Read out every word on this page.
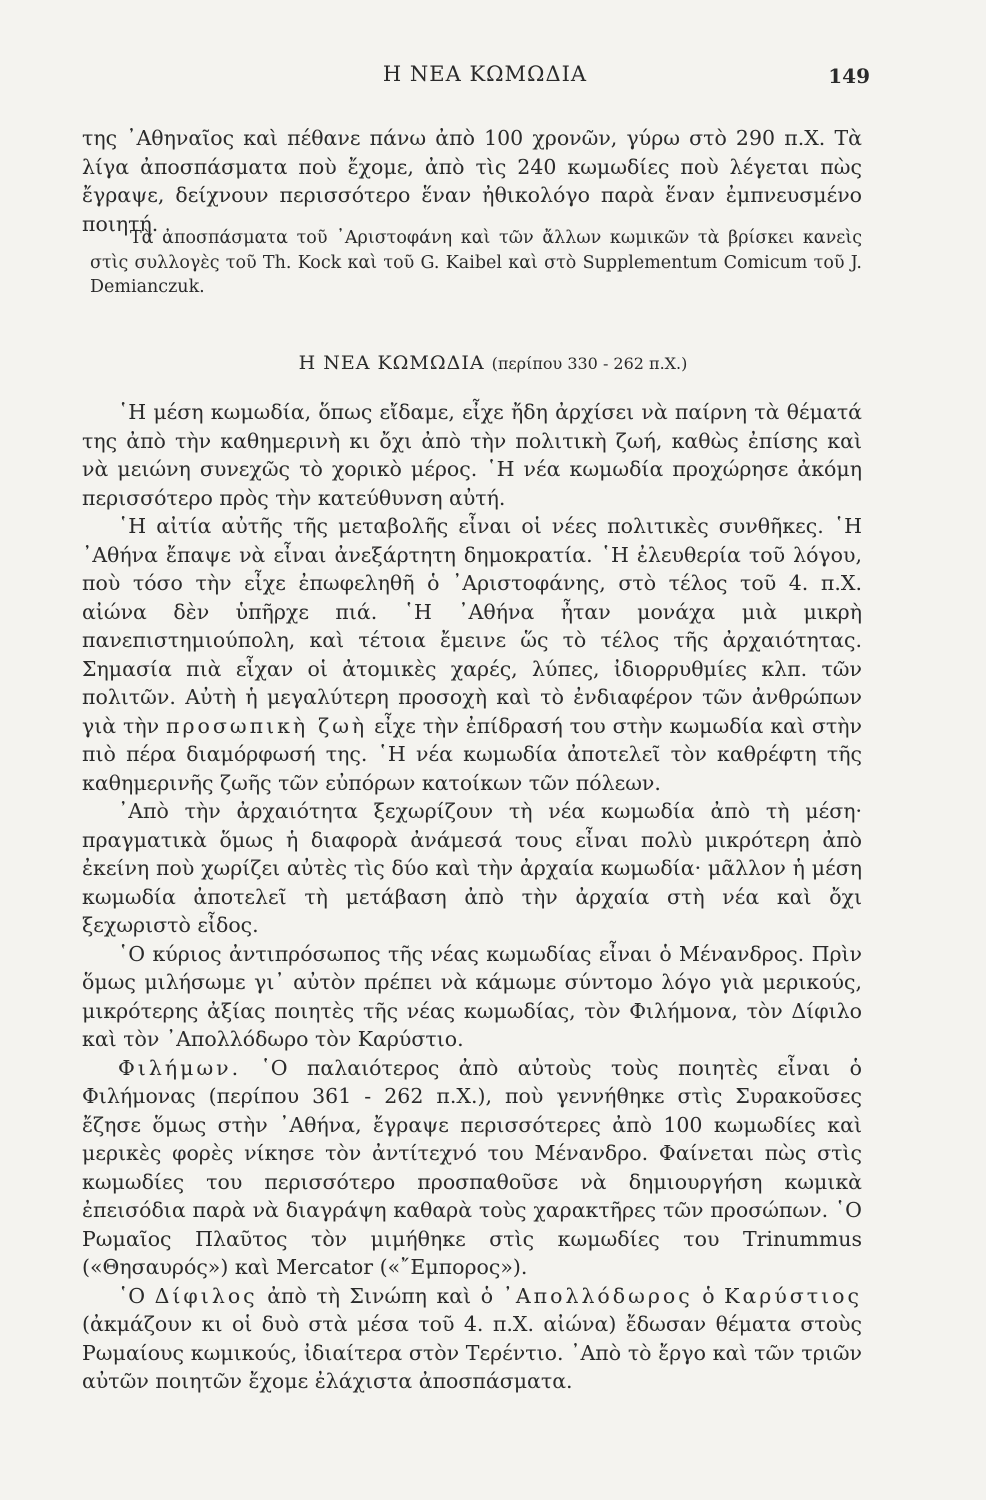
Η ΝΕΑ ΚΩΜΩΔΙΑ	149

της ᾿Αθηναῖος καὶ πέθανε πάνω ἀπὸ 100 χρονῶν, γύρω στὸ 290 π.Χ. Τὰ λίγα ἀποσπάσματα ποὺ ἔχομε, ἀπὸ τὶς 240 κωμωδίες ποὺ λέγεται πὼς ἔγραψε, δείχνουν περισσότερο ἕναν ἠθικολόγο παρὰ ἕναν ἐμπνευσμένο ποιητή.

Τὰ ἀποσπάσματα τοῦ ᾿Αριστοφάνη καὶ τῶν ἄλλων κωμικῶν τὰ βρίσκει κανεὶς στὶς συλλογὲς τοῦ Th. Kock καὶ τοῦ G. Kaibel καὶ στὸ Supplementum Comicum τοῦ J. Demianczuk.

Η ΝΕΑ ΚΩΜΩΔΙΑ (περίπου 330 - 262 π.Χ.)

῾Η μέση κωμωδία, ὅπως εἴδαμε, εἶχε ἤδη ἀρχίσει νὰ παίρνη τὰ θέματά της ἀπὸ τὴν καθημερινὴ κι ὄχι ἀπὸ τὴν πολιτικὴ ζωή, καθὼς ἐπίσης καὶ νὰ μειώνη συνεχῶς τὸ χορικὸ μέρος. ῾Η νέα κωμωδία προχώρησε ἀκόμη περισσότερο πρὸς τὴν κατεύθυνση αὐτή.

῾Η αἰτία αὐτῆς τῆς μεταβολῆς εἶναι οἱ νέες πολιτικὲς συνθῆκες. ῾Η ᾿Αθήνα ἔπαψε νὰ εἶναι ἀνεξάρτητη δημοκρατία. ῾Η ἐλευθερία τοῦ λόγου, ποὺ τόσο τὴν εἶχε ἐπωφεληθῆ ὁ ᾿Αριστοφάνης, στὸ τέλος τοῦ 4. π.Χ. αἰώνα δὲν ὑπῆρχε πιά. ῾Η ᾿Αθήνα ἦταν μονάχα μιὰ μικρὴ πανεπιστημιούπολη, καὶ τέτοια ἔμεινε ὥς τὸ τέλος τῆς ἀρχαιότητας. Σημασία πιὰ εἶχαν οἱ ἀτομικὲς χαρές, λύπες, ἰδιορρυθμίες κλπ. τῶν πολιτῶν. Αὐτὴ ἡ μεγαλύτερη προσοχὴ καὶ τὸ ἐνδιαφέρον τῶν ἀνθρώπων γιὰ τὴν προσωπικὴ ζωὴ εἶχε τὴν ἐπίδρασή του στὴν κωμωδία καὶ στὴν πιὸ πέρα διαμόρφωσή της. ῾Η νέα κωμωδία ἀποτελεῖ τὸν καθρέφτη τῆς καθημερινῆς ζωῆς τῶν εὐπόρων κατοίκων τῶν πόλεων.

᾿Απὸ τὴν ἀρχαιότητα ξεχωρίζουν τὴ νέα κωμωδία ἀπὸ τὴ μέση· πραγματικὰ ὅμως ἡ διαφορὰ ἀνάμεσά τους εἶναι πολὺ μικρότερη ἀπὸ ἐκείνη ποὺ χωρίζει αὐτὲς τὶς δύο καὶ τὴν ἀρχαία κωμωδία· μᾶλλον ἡ μέση κωμωδία ἀποτελεῖ τὴ μετάβαση ἀπὸ τὴν ἀρχαία στὴ νέα καὶ ὄχι ξεχωριστὸ εἶδος.

῾Ο κύριος ἀντιπρόσωπος τῆς νέας κωμωδίας εἶναι ὁ Μένανδρος. Πρὶν ὅμως μιλήσωμε γι᾿ αὐτὸν πρέπει νὰ κάμωμε σύντομο λόγο γιὰ μερικούς, μικρότερης ἀξίας ποιητὲς τῆς νέας κωμωδίας, τὸν Φιλήμονα, τὸν Δίφιλο καὶ τὸν ᾿Απολλόδωρο τὸν Καρύστιο.

Φιλήμων. ῾Ο παλαιότερος ἀπὸ αὐτοὺς τοὺς ποιητὲς εἶναι ὁ Φιλήμονας (περίπου 361 - 262 π.Χ.), ποὺ γεννήθηκε στὶς Συρακοῦσες ἔζησε ὅμως στὴν ᾿Αθήνα, ἔγραψε περισσότερες ἀπὸ 100 κωμωδίες καὶ μερικὲς φορὲς νίκησε τὸν ἀντίτεχνό του Μένανδρο. Φαίνεται πὼς στὶς κωμωδίες του περισσότερο προσπαθοῦσε νὰ δημιουργήση κωμικὰ ἐπεισόδια παρὰ νὰ διαγράψη καθαρὰ τοὺς χαρακτῆρες τῶν προσώπων. ῾Ο Ρωμαῖος Πλαῦτος τὸν μιμήθηκε στὶς κωμωδίες του Trinummus («Θησαυρός») καὶ Mercator («῎Εμπορος»).

῾Ο Δίφιλος ἀπὸ τὴ Σινώπη καὶ ὁ ᾿Απολλόδωρος ὁ Καρύστιος (ἀκμάζουν κι οἱ δυὸ στὰ μέσα τοῦ 4. π.Χ. αἰώνα) ἔδωσαν θέματα στοὺς Ρωμαίους κωμικούς, ἰδιαίτερα στὸν Τερέντιο. ᾿Απὸ τὸ ἔργο καὶ τῶν τριῶν αὐτῶν ποιητῶν ἔχομε ἐλάχιστα ἀποσπάσματα.
